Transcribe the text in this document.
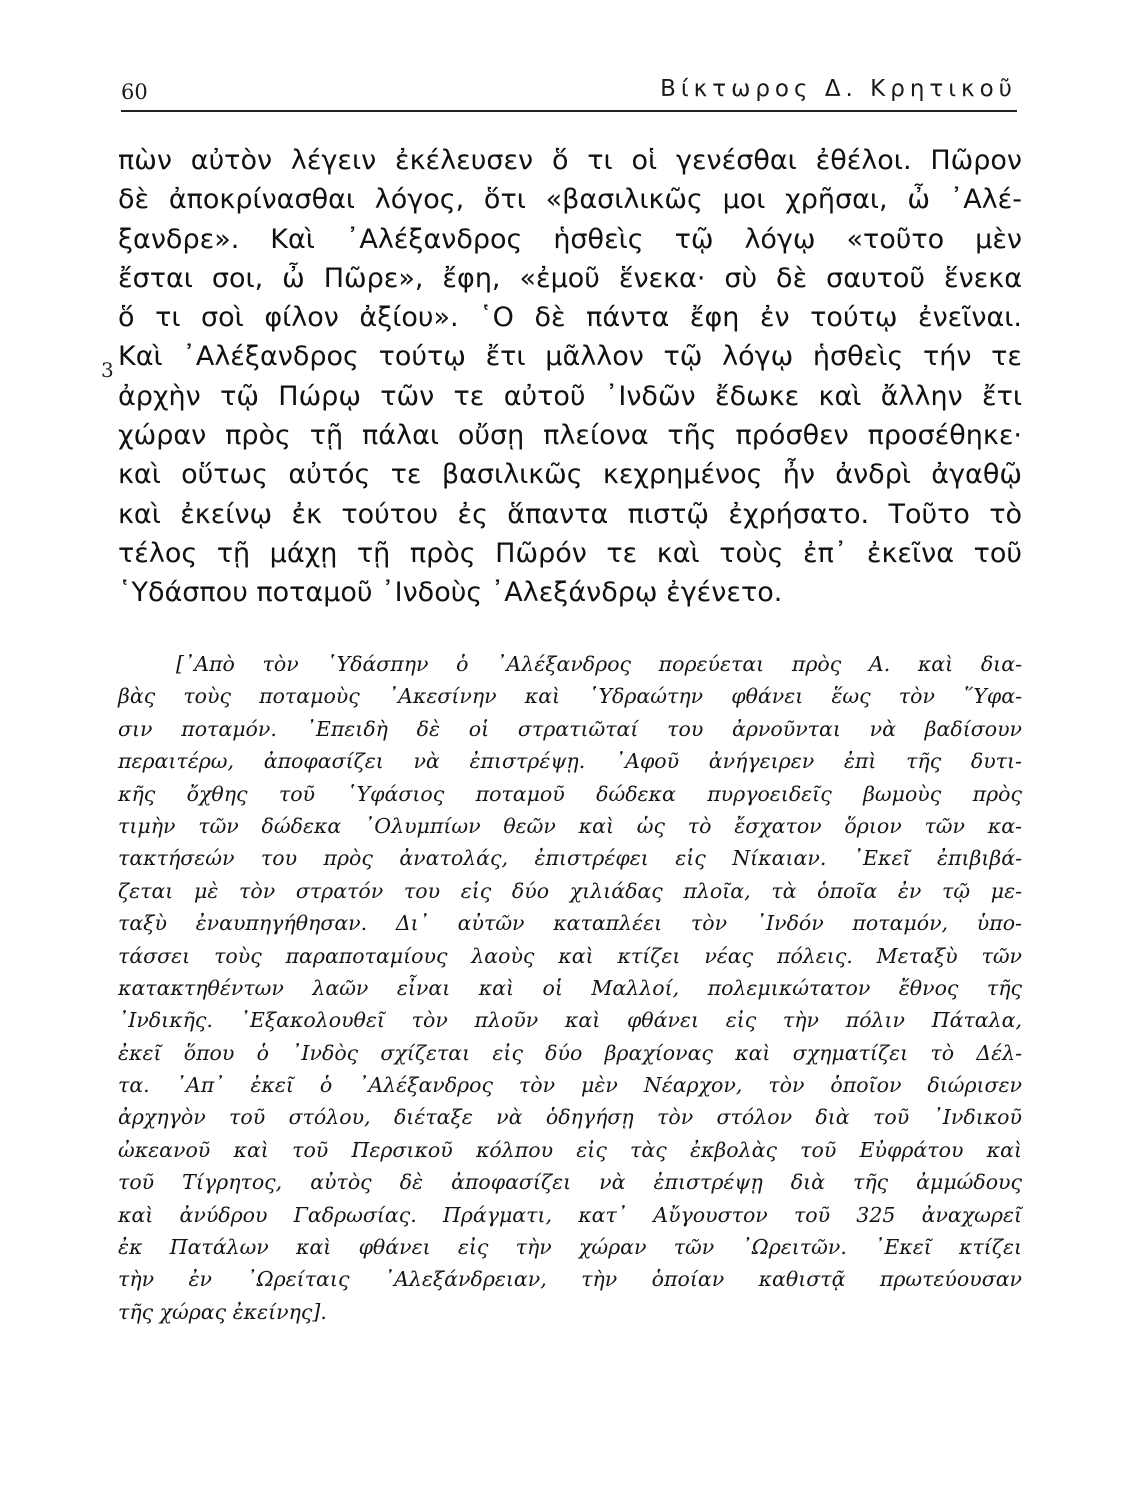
60	Βίκτωρος Δ. Κρητικοῦ
3
πὼν αὐτὸν λέγειν ἐκέλευσεν ὅ τι οἱ γενέσθαι ἐθέλοι. Πῶρον
δὲ ἀποκρίνασθαι λόγος, ὅτι «βασιλικῶς μοι χρῆσαι, ὦ ᾿Αλέ-
ξανδρε». Καὶ ᾿Αλέξανδρος ἡσθεὶς τῷ λόγῳ «τοῦτο μὲν
ἔσται σοι, ὦ Πῶρε», ἔφη, «ἐμοῦ ἕνεκα· σὺ δὲ σαυτοῦ ἕνεκα
ὅ τι σοὶ φίλον ἀξίου». ῾Ο δὲ πάντα ἔφη ἐν τούτῳ ἐνεῖναι.
Καὶ ᾿Αλέξανδρος τούτῳ ἔτι μᾶλλον τῷ λόγῳ ἡσθεὶς τήν τε
ἀρχὴν τῷ Πώρῳ τῶν τε αὐτοῦ ᾿Ινδῶν ἔδωκε καὶ ἄλλην ἔτι
χώραν πρὸς τῇ πάλαι οὔσῃ πλείονα τῆς πρόσθεν προσέθηκε·
καὶ οὕτως αὐτός τε βασιλικῶς κεχρημένος ἦν ἀνδρὶ ἀγαθῷ
καὶ ἐκείνῳ ἐκ τούτου ἐς ἅπαντα πιστῷ ἐχρήσατο. Τοῦτο τὸ
τέλος τῇ μάχῃ τῇ πρὸς Πῶρόν τε καὶ τοὺς ἐπ᾿ ἐκεῖνα τοῦ
῾Υδάσπου ποταμοῦ ᾿Ινδοὺς ᾿Αλεξάνδρῳ ἐγένετο.
[᾿Απὸ τὸν ῾Υδάσπην ὁ ᾿Αλέξανδρος πορεύεται πρὸς Α. καὶ δια-
βὰς τοὺς ποταμοὺς ᾿Ακεσίνην καὶ ῾Υδραώτην φθάνει ἕως τὸν ῞Υφα-
σιν ποταμόν. ᾿Επειδὴ δὲ οἱ στρατιῶταί του ἀρνοῦνται νὰ βαδίσουν
περαιτέρω, ἀποφασίζει νὰ ἐπιστρέψῃ. ᾿Αφοῦ ἀνήγειρεν ἐπὶ τῆς δυτι-
κῆς ὄχθης τοῦ ῾Υφάσιος ποταμοῦ δώδεκα πυργοειδεῖς βωμοὺς πρὸς
τιμὴν τῶν δώδεκα ᾿Ολυμπίων θεῶν καὶ ὡς τὸ ἔσχατον ὅριον τῶν κα-
τακτήσεών του πρὸς ἀνατολάς, ἐπιστρέφει εἰς Νίκαιαν. ᾿Εκεῖ ἐπιβιβά-
ζεται μὲ τὸν στρατόν του εἰς δύο χιλιάδας πλοῖα, τὰ ὁποῖα ἐν τῷ με-
ταξὺ ἐναυπηγήθησαν. Δι᾿ αὐτῶν καταπλέει τὸν ᾿Ινδόν ποταμόν, ὑπο-
τάσσει τοὺς παραποταμίους λαοὺς καὶ κτίζει νέας πόλεις. Μεταξὺ τῶν
κατακτηθέντων λαῶν εἶναι καὶ οἱ Μαλλοί, πολεμικώτατον ἔθνος τῆς
᾿Ινδικῆς. ᾿Εξακολουθεῖ τὸν πλοῦν καὶ φθάνει εἰς τὴν πόλιν Πάταλα,
ἐκεῖ ὅπου ὁ ᾿Ινδὸς σχίζεται εἰς δύο βραχίονας καὶ σχηματίζει τὸ Δέλ-
τα. ᾿Απ᾿ ἐκεῖ ὁ ᾿Αλέξανδρος τὸν μὲν Νέαρχον, τὸν ὁποῖον διώρισεν
ἀρχηγὸν τοῦ στόλου, διέταξε νὰ ὁδηγήσῃ τὸν στόλον διὰ τοῦ ᾿Ινδικοῦ
ὠκεανοῦ καὶ τοῦ Περσικοῦ κόλπου εἰς τὰς ἐκβολὰς τοῦ Εὐφράτου καὶ
τοῦ Τίγρητος, αὐτὸς δὲ ἀποφασίζει νὰ ἐπιστρέψῃ διὰ τῆς ἀμμώδους
καὶ ἀνύδρου Γαδρωσίας. Πράγματι, κατ᾿ Αὔγουστον τοῦ 325 ἀναχωρεῖ
ἐκ Πατάλων καὶ φθάνει εἰς τὴν χώραν τῶν ᾿Ωρειτῶν. ᾿Εκεῖ κτίζει
τὴν ἐν ᾿Ωρείταις ᾿Αλεξάνδρειαν, τὴν ὁποίαν καθιστᾷ πρωτεύουσαν
τῆς χώρας ἐκείνης].
